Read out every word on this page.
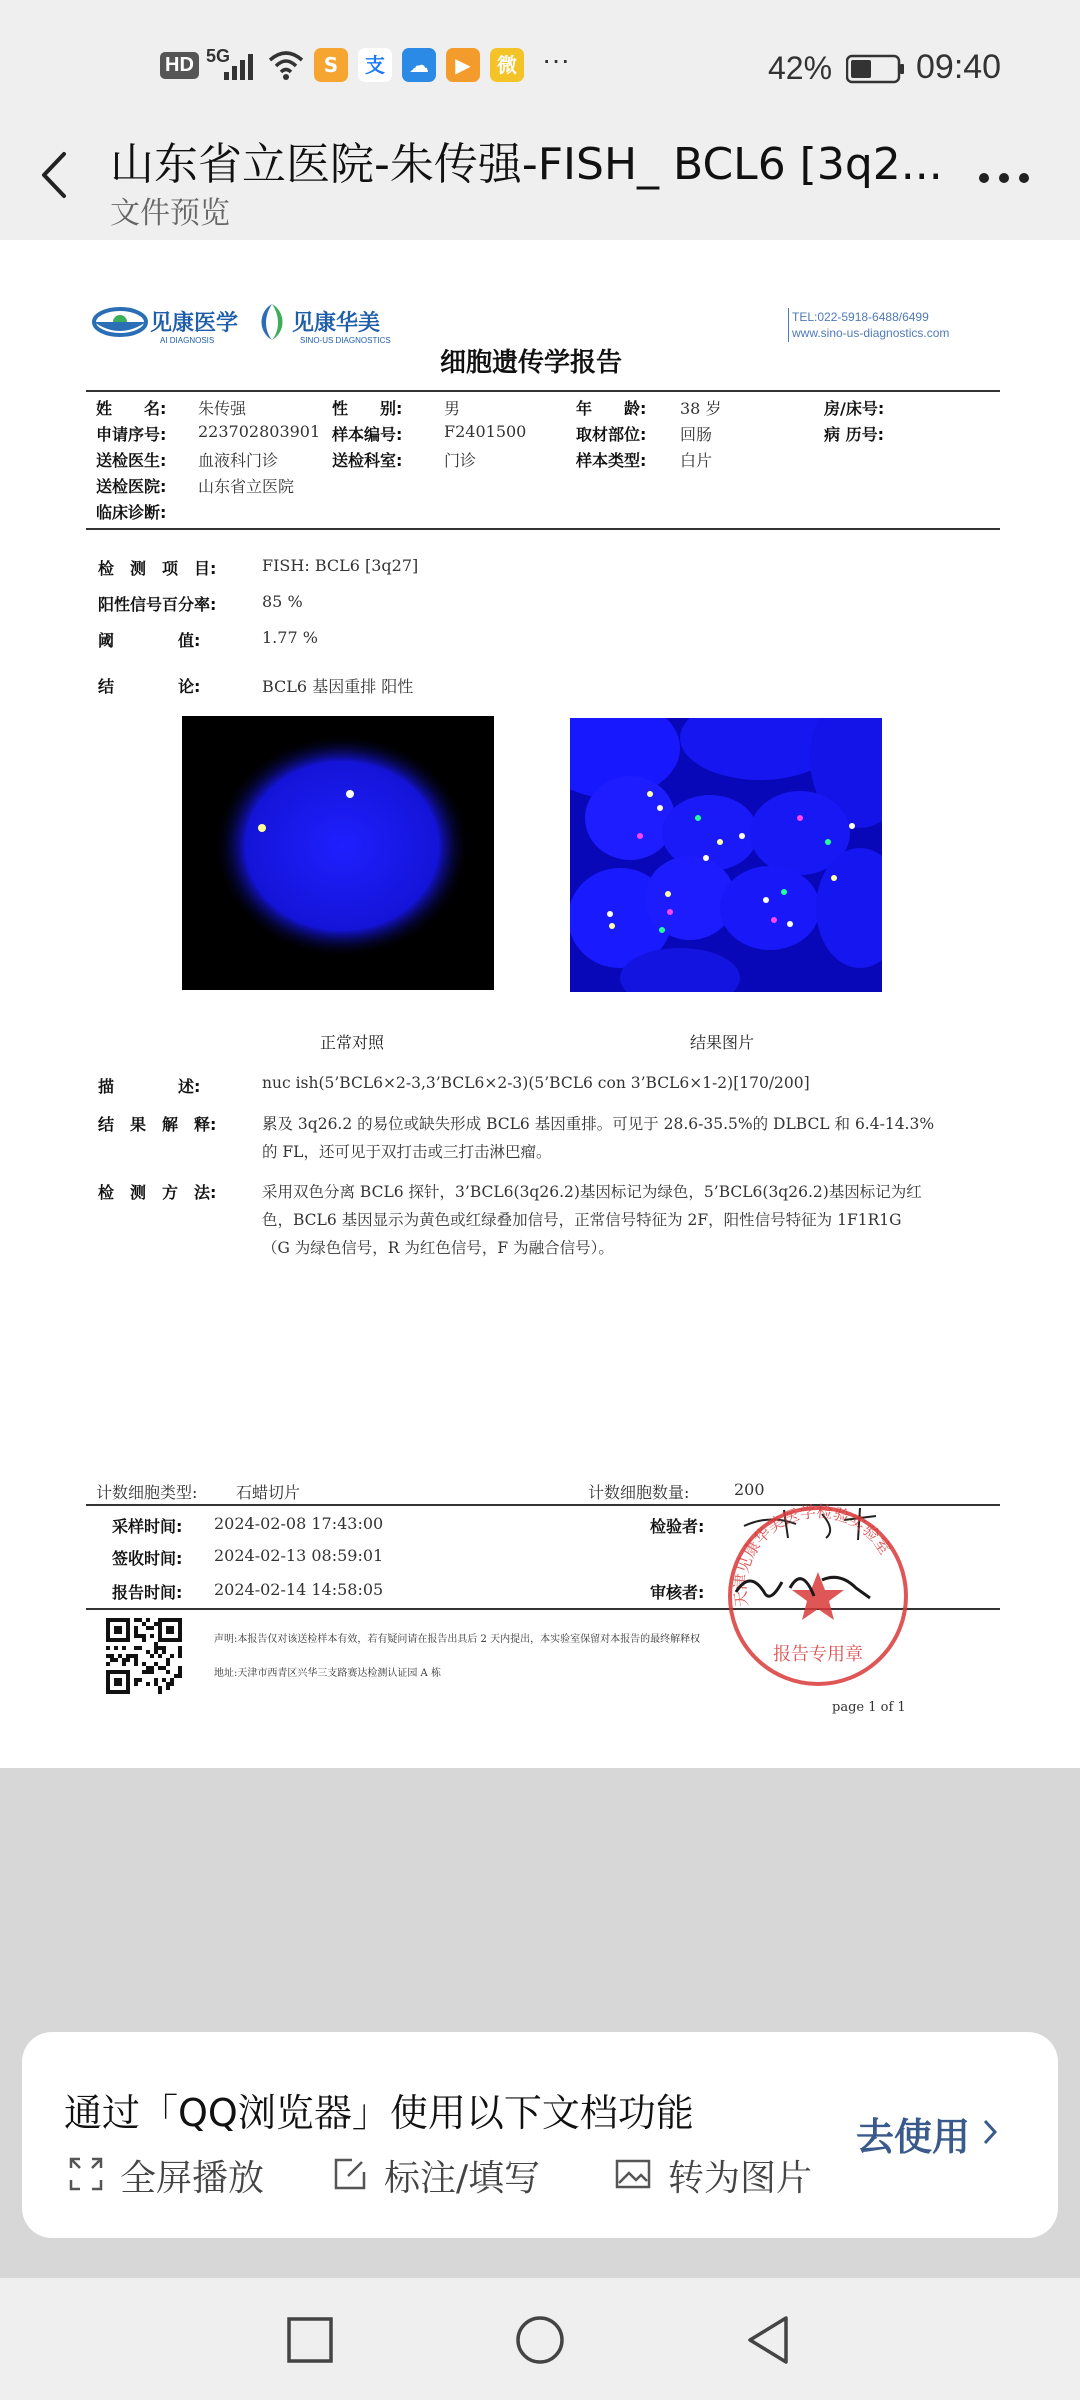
HD 5G	S	支	☁	▶	微 ···	42% 09:40
山东省立医院-朱传强-FISH_ BCL6 [3q2...
文件预览
见康医学
AI DIAGNOSIS
见康华美
SINO-US DIAGNOSTICS
TEL:022-5918-6488/6499
www.sino-us-diagnostics.com
细胞遗传学报告
姓　　名: 朱传强	性　　别:	男	年　　龄: 38 岁	房/床号:
申请序号: 223702803901 样本编号:	F2401500	取材部位: 回肠	病 历号:
送检医生: 血液科门诊	送检科室:	门诊	样本类型: 白片
送检医院: 山东省立医院
临床诊断:
检　测　项　目:	FISH: BCL6 [3q27]
阳性信号百分率:	85 %
阈　　　　值:	1.77 %
结　　　　论:	BCL6 基因重排 阳性
正常对照	结果图片
描　　　　述:	nuc ish(5’BCL6×2-3,3’BCL6×2-3)(5’BCL6 con 3’BCL6×1-2)[170/200]
结　果　解　释:	累及 3q26.2 的易位或缺失形成 BCL6 基因重排。可见于 28.6-35.5%的 DLBCL 和 6.4-14.3%
的 FL，还可见于双打击或三打击淋巴瘤。
检　测　方　法:	采用双色分离 BCL6 探针，3’BCL6(3q26.2)基因标记为绿色，5’BCL6(3q26.2)基因标记为红
色，BCL6 基因显示为黄色或红绿叠加信号，正常信号特征为 2F，阳性信号特征为 1F1R1G
（G 为绿色信号，R 为红色信号，F 为融合信号）。
计数细胞类型: 石蜡切片	计数细胞数量:	200
采样时间: 2024-02-08 17:43:00
签收时间: 2024-02-13 08:59:01
报告时间: 2024-02-14 14:58:05
检验者:
审核者: 天津见康华美医学检验实验室
报告专用章
声明:本报告仅对该送检样本有效，若有疑问请在报告出具后 2 天内提出，本实验室保留对本报告的最终解释权
地址:天津市西青区兴华三支路赛达检测认证园 A 栋
page 1 of 1
通过「QQ浏览器」使用以下文档功能
去使用
全屏播放	标注/填写	转为图片
